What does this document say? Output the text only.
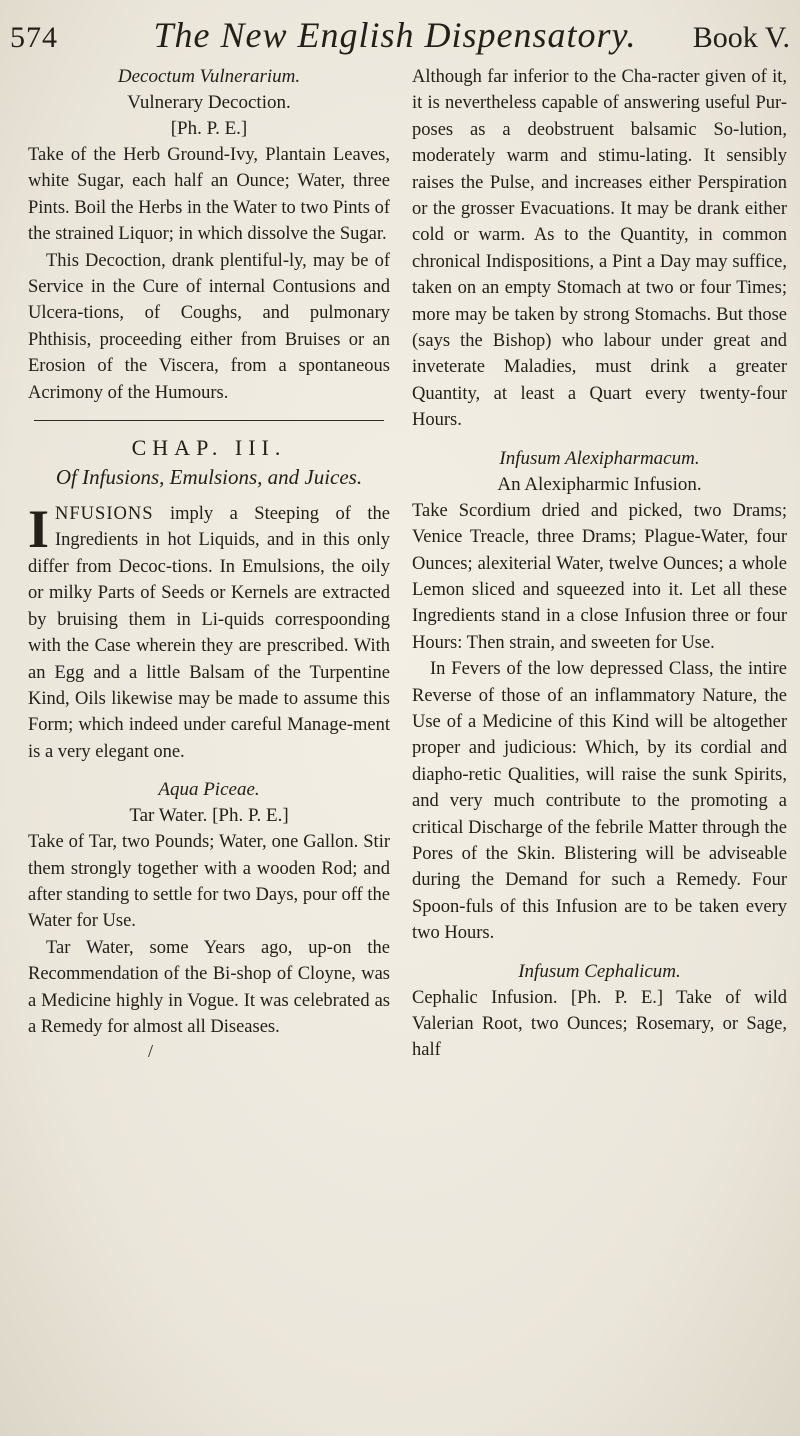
574	The New English Dispensatory.	Book V.
Decoctum Vulnerarium.
Vulnerary Decoction.
[Ph. P. E.]

Take of the Herb Ground-Ivy, Plantain Leaves, white Sugar, each half an Ounce; Water, three Pints. Boil the Herbs in the Water to two Pints of the strained Liquor; in which dissolve the Sugar.

This Decoction, drank plentiful-ly, may be of Service in the Cure of internal Contusions and Ulcera-tions, of Coughs, and pulmonary Phthisis, proceeding either from Bruises or an Erosion of the Viscera, from a spontaneous Acrimony of the Humours.

CHAP. III.
Of Infusions, Emulsions, and Juices.

INFUSIONS imply a Steeping of the Ingredients in hot Liquids, and in this only differ from Decoc-tions. In Emulsions, the oily or milky Parts of Seeds or Kernels are extracted by bruising them in Li-quids correspoonding with the Case wherein they are prescribed. With an Egg and a little Balsam of the Turpentine Kind, Oils likewise may be made to assume this Form; which indeed under careful Manage-ment is a very elegant one.

Aqua Piceae.
Tar Water. [Ph. P. E.]

Take of Tar, two Pounds; Water, one Gallon. Stir them strongly together with a wooden Rod; and after standing to settle for two Days, pour off the Water for Use.

Tar Water, some Years ago, up-on the Recommendation of the Bi-shop of Cloyne, was a Medicine highly in Vogue. It was celebrated as a Remedy for almost all Diseases.

/

Although far inferior to the Cha-racter given of it, it is nevertheless capable of answering useful Pur-poses as a deobstruent balsamic So-lution, moderately warm and stimu-lating. It sensibly raises the Pulse, and increases either Perspiration or the grosser Evacuations. It may be drank either cold or warm. As to the Quantity, in common chronical Indispositions, a Pint a Day may suffice, taken on an empty Stomach at two or four Times; more may be taken by strong Stomachs. But those (says the Bishop) who labour under great and inveterate Maladies, must drink a greater Quantity, at least a Quart every twenty-four Hours.

Infusum Alexipharmacum.
An Alexipharmic Infusion.

Take Scordium dried and picked, two Drams; Venice Treacle, three Drams; Plague-Water, four Ounces; alexiterial Water, twelve Ounces; a whole Lemon sliced and squeezed into it. Let all these Ingredients stand in a close Infusion three or four Hours: Then strain, and sweeten for Use.

In Fevers of the low depressed Class, the intire Reverse of those of an inflammatory Nature, the Use of a Medicine of this Kind will be altogether proper and judicious: Which, by its cordial and diapho-retic Qualities, will raise the sunk Spirits, and very much contribute to the promoting a critical Discharge of the febrile Matter through the Pores of the Skin. Blistering will be adviseable during the Demand for such a Remedy. Four Spoon-fuls of this Infusion are to be taken every two Hours.

Infusum Cephalicum.

Cephalic Infusion. [Ph. P. E.] Take of wild Valerian Root, two Ounces; Rosemary, or Sage, half
